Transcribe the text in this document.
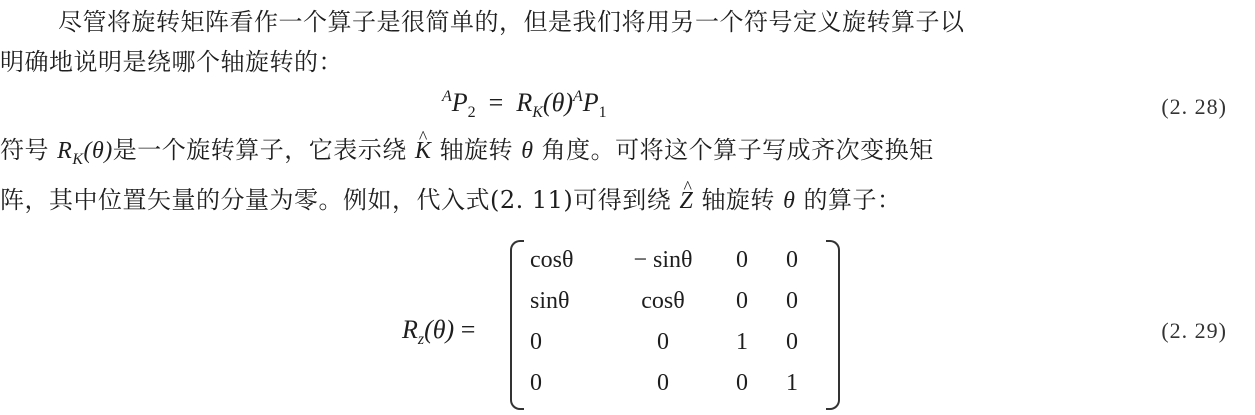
尽管将旋转矩阵看作一个算子是很简单的，但是我们将用另一个符号定义旋转算子以
明确地说明是绕哪个轴旋转的：
$^AP_2 = R_K(\theta)^AP_1$	(2. 28)
符号 $R_K(\theta)$是一个旋转算子，它表示绕 ^ K 轴旋转 θ 角度。可将这个算子写成齐次变换矩
阵，其中位置矢量的分量为零。例如，代入式(2. 11)可得到绕 ^ Z 轴旋转 θ 的算子：
$R_z(\theta)$ =
cosθ	− sinθ	0	0
sinθ	cosθ	0	0
0	0	1	0
0	0	0	1
(2. 29)
